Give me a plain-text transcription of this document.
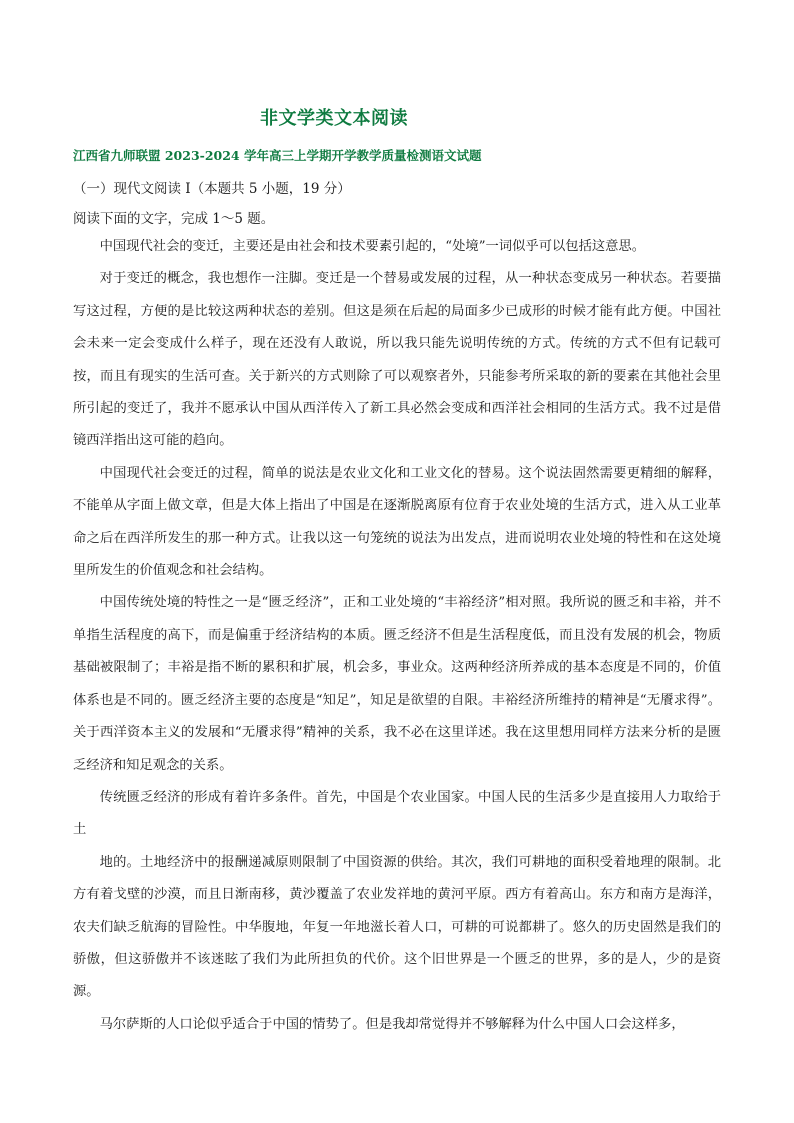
非文学类文本阅读
江西省九师联盟 2023-2024 学年高三上学期开学教学质量检测语文试题
（一）现代文阅读 I（本题共 5 小题，19 分）
阅读下面的文字，完成 1～5 题。

中国现代社会的变迁，主要还是由社会和技术要素引起的，“处境”一词似乎可以包括这意思。

对于变迁的概念，我也想作一注脚。变迁是一个替易或发展的过程，从一种状态变成另一种状态。若要描写这过程，方便的是比较这两种状态的差别。但这是须在后起的局面多少已成形的时候才能有此方便。中国社会未来一定会变成什么样子，现在还没有人敢说，所以我只能先说明传统的方式。传统的方式不但有记载可按，而且有现实的生活可查。关于新兴的方式则除了可以观察者外，只能参考所采取的新的要素在其他社会里所引起的变迁了，我并不愿承认中国从西洋传入了新工具必然会变成和西洋社会相同的生活方式。我不过是借镜西洋指出这可能的趋向。

中国现代社会变迁的过程，简单的说法是农业文化和工业文化的替易。这个说法固然需要更精细的解释，不能单从字面上做文章，但是大体上指出了中国是在逐渐脱离原有位育于农业处境的生活方式，进入从工业革命之后在西洋所发生的那一种方式。让我以这一句笼统的说法为出发点，进而说明农业处境的特性和在这处境里所发生的价值观念和社会结构。

中国传统处境的特性之一是“匮乏经济”，正和工业处境的“丰裕经济”相对照。我所说的匮乏和丰裕，并不单指生活程度的高下，而是偏重于经济结构的本质。匮乏经济不但是生活程度低，而且没有发展的机会，物质基础被限制了；丰裕是指不断的累积和扩展，机会多，事业众。这两种经济所养成的基本态度是不同的，价值体系也是不同的。匮乏经济主要的态度是“知足”，知足是欲望的自限。丰裕经济所维持的精神是“无餍求得”。关于西洋资本主义的发展和“无餍求得”精神的关系，我不必在这里详述。我在这里想用同样方法来分析的是匮乏经济和知足观念的关系。

传统匮乏经济的形成有着许多条件。首先，中国是个农业国家。中国人民的生活多少是直接用人力取给于土

地的。土地经济中的报酬递减原则限制了中国资源的供给。其次，我们可耕地的面积受着地理的限制。北方有着戈壁的沙漠，而且日渐南移，黄沙覆盖了农业发祥地的黄河平原。西方有着高山。东方和南方是海洋，农夫们缺乏航海的冒险性。中华腹地，年复一年地滋长着人口，可耕的可说都耕了。悠久的历史固然是我们的骄傲，但这骄傲并不该迷眩了我们为此所担负的代价。这个旧世界是一个匮乏的世界，多的是人，少的是资源。

马尔萨斯的人口论似乎适合于中国的情势了。但是我却常觉得并不够解释为什么中国人口会这样多，
